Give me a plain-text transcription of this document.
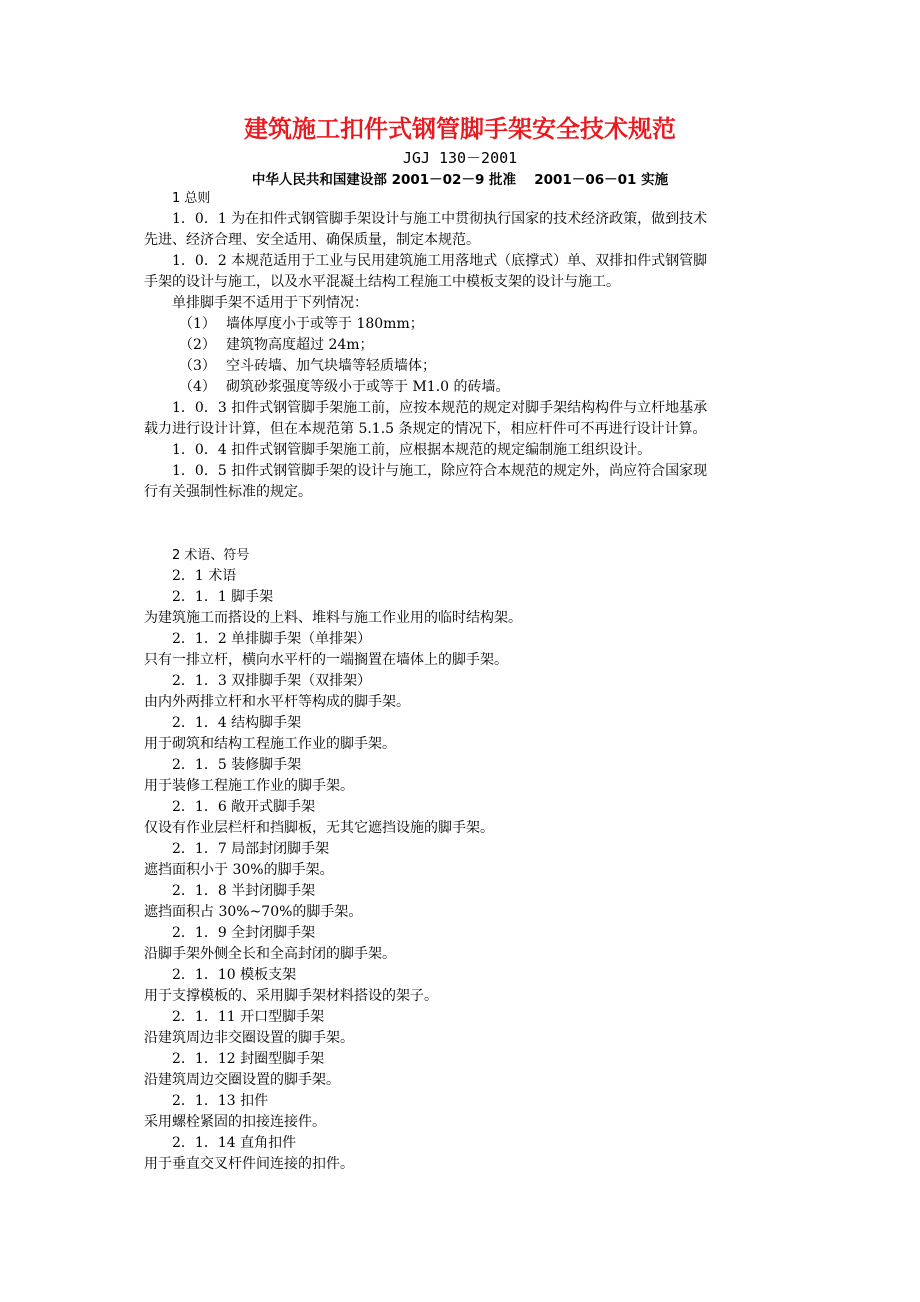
建筑施工扣件式钢管脚手架安全技术规范
JGJ 130－2001
中华人民共和国建设部 2001－02－9 批准　 2001－06－01 实施
1 总则
1．0．1 为在扣件式钢管脚手架设计与施工中贯彻执行国家的技术经济政策，做到技术
先进、经济合理、安全适用、确保质量，制定本规范。
1．0．2 本规范适用于工业与民用建筑施工用落地式（底撑式）单、双排扣件式钢管脚
手架的设计与施工，以及水平混凝土结构工程施工中模板支架的设计与施工。
单排脚手架不适用于下列情况：
（1） 墙体厚度小于或等于 180mm；
（2） 建筑物高度超过 24m；
（3） 空斗砖墙、加气块墙等轻质墙体；
（4） 砌筑砂浆强度等级小于或等于 M1.0 的砖墙。
1．0．3 扣件式钢管脚手架施工前，应按本规范的规定对脚手架结构构件与立杆地基承
载力进行设计计算，但在本规范第 5.1.5 条规定的情况下，相应杆件可不再进行设计计算。
1．0．4 扣件式钢管脚手架施工前，应根据本规范的规定编制施工组织设计。
1．0．5 扣件式钢管脚手架的设计与施工，除应符合本规范的规定外，尚应符合国家现
行有关强制性标准的规定。
2 术语、符号
2．1 术语
2．1．1 脚手架
为建筑施工而搭设的上料、堆料与施工作业用的临时结构架。
2．1．2 单排脚手架（单排架）
只有一排立杆，横向水平杆的一端搁置在墙体上的脚手架。
2．1．3 双排脚手架（双排架）
由内外两排立杆和水平杆等构成的脚手架。
2．1．4 结构脚手架
用于砌筑和结构工程施工作业的脚手架。
2．1．5 装修脚手架
用于装修工程施工作业的脚手架。
2．1．6 敞开式脚手架
仅设有作业层栏杆和挡脚板，无其它遮挡设施的脚手架。
2．1．7 局部封闭脚手架
遮挡面积小于 30%的脚手架。
2．1．8 半封闭脚手架
遮挡面积占 30%~70%的脚手架。
2．1．9 全封闭脚手架
沿脚手架外侧全长和全高封闭的脚手架。
2．1．10 模板支架
用于支撑模板的、采用脚手架材料搭设的架子。
2．1．11 开口型脚手架
沿建筑周边非交圈设置的脚手架。
2．1．12 封圈型脚手架
沿建筑周边交圈设置的脚手架。
2．1．13 扣件
采用螺栓紧固的扣接连接件。
2．1．14 直角扣件
用于垂直交叉杆件间连接的扣件。
